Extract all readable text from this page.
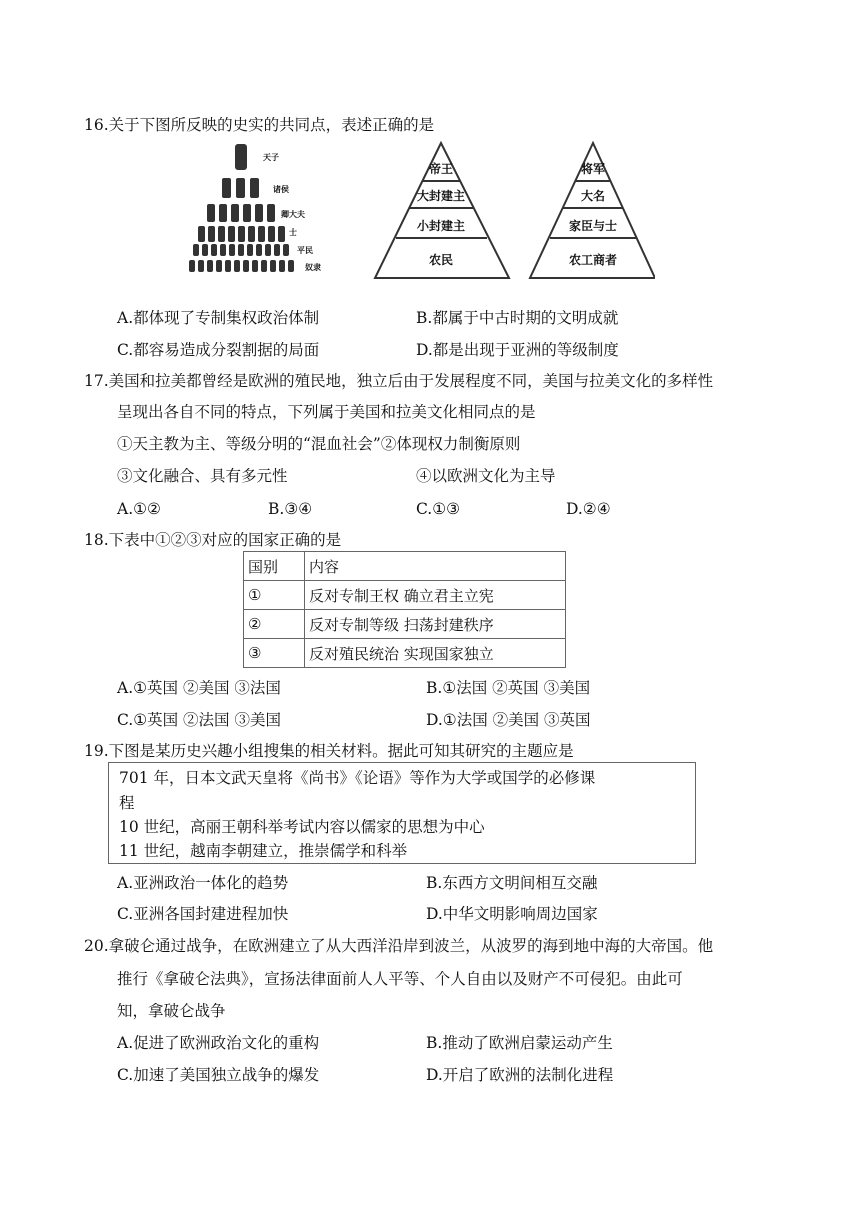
16.关于下图所反映的史实的共同点，表述正确的是
天子
诸侯
卿大夫
士
平民
奴隶
帝王
大封建主
小封建主
农民
将军
大名
家臣与士
农工商者
A.都体现了专制集权政治体制	B.都属于中古时期的文明成就
C.都容易造成分裂割据的局面	D.都是出现于亚洲的等级制度
17.美国和拉美都曾经是欧洲的殖民地，独立后由于发展程度不同，美国与拉美文化的多样性
呈现出各自不同的特点，下列属于美国和拉美文化相同点的是
①天主教为主、等级分明的“混血社会”②体现权力制衡原则
③文化融合、具有多元性	④以欧洲文化为主导
A.①②	B.③④	C.①③	D.②④
18.下表中①②③对应的国家正确的是
国别	内容
①	反对专制王权 确立君主立宪
②	反对专制等级 扫荡封建秩序
③	反对殖民统治 实现国家独立
A.①英国 ②美国 ③法国	B.①法国 ②英国 ③美国
C.①英国 ②法国 ③美国	D.①法国 ②美国 ③英国
19.下图是某历史兴趣小组搜集的相关材料。据此可知其研究的主题应是
701 年，日本文武天皇将《尚书》《论语》等作为大学或国学的必修课
程
10 世纪，高丽王朝科举考试内容以儒家的思想为中心
11 世纪，越南李朝建立，推崇儒学和科举
A.亚洲政治一体化的趋势	B.东西方文明间相互交融
C.亚洲各国封建进程加快	D.中华文明影响周边国家
20.拿破仑通过战争，在欧洲建立了从大西洋沿岸到波兰，从波罗的海到地中海的大帝国。他
推行《拿破仑法典》，宣扬法律面前人人平等、个人自由以及财产不可侵犯。由此可
知，拿破仑战争
A.促进了欧洲政治文化的重构	B.推动了欧洲启蒙运动产生
C.加速了美国独立战争的爆发	D.开启了欧洲的法制化进程
